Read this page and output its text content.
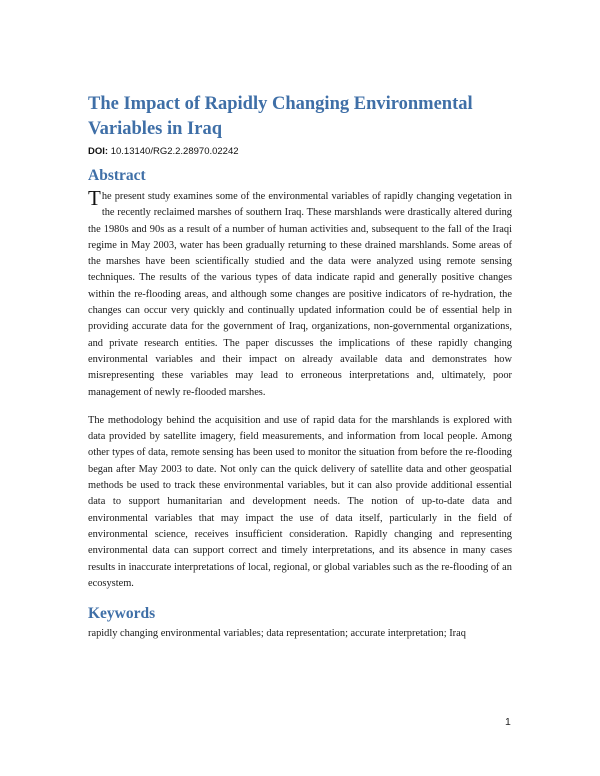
The Impact of Rapidly Changing Environmental Variables in Iraq
DOI: 10.13140/RG2.2.28970.02242
Abstract

The present study examines some of the environmental variables of rapidly changing vegetation in the recently reclaimed marshes of southern Iraq. These marshlands were drastically altered during the 1980s and 90s as a result of a number of human activities and, subsequent to the fall of the Iraqi regime in May 2003, water has been gradually returning to these drained marshlands. Some areas of the marshes have been scientifically studied and the data were analyzed using remote sensing techniques. The results of the various types of data indicate rapid and generally positive changes within the re-flooding areas, and although some changes are positive indicators of re-hydration, the changes can occur very quickly and continually updated information could be of essential help in providing accurate data for the government of Iraq, organizations, non-governmental organizations, and private research entities. The paper discusses the implications of these rapidly changing environmental variables and their impact on already available data and demonstrates how misrepresenting these variables may lead to erroneous interpretations and, ultimately, poor management of newly re-flooded marshes.

The methodology behind the acquisition and use of rapid data for the marshlands is explored with data provided by satellite imagery, field measurements, and information from local people. Among other types of data, remote sensing has been used to monitor the situation from before the re-flooding began after May 2003 to date. Not only can the quick delivery of satellite data and other geospatial methods be used to track these environmental variables, but it can also provide additional essential data to support humanitarian and development needs. The notion of up-to-date data and environmental variables that may impact the use of data itself, particularly in the field of environmental science, receives insufficient consideration. Rapidly changing and representing environmental data can support correct and timely interpretations, and its absence in many cases results in inaccurate interpretations of local, regional, or global variables such as the re-flooding of an ecosystem.

Keywords

rapidly changing environmental variables; data representation; accurate interpretation; Iraq

1
